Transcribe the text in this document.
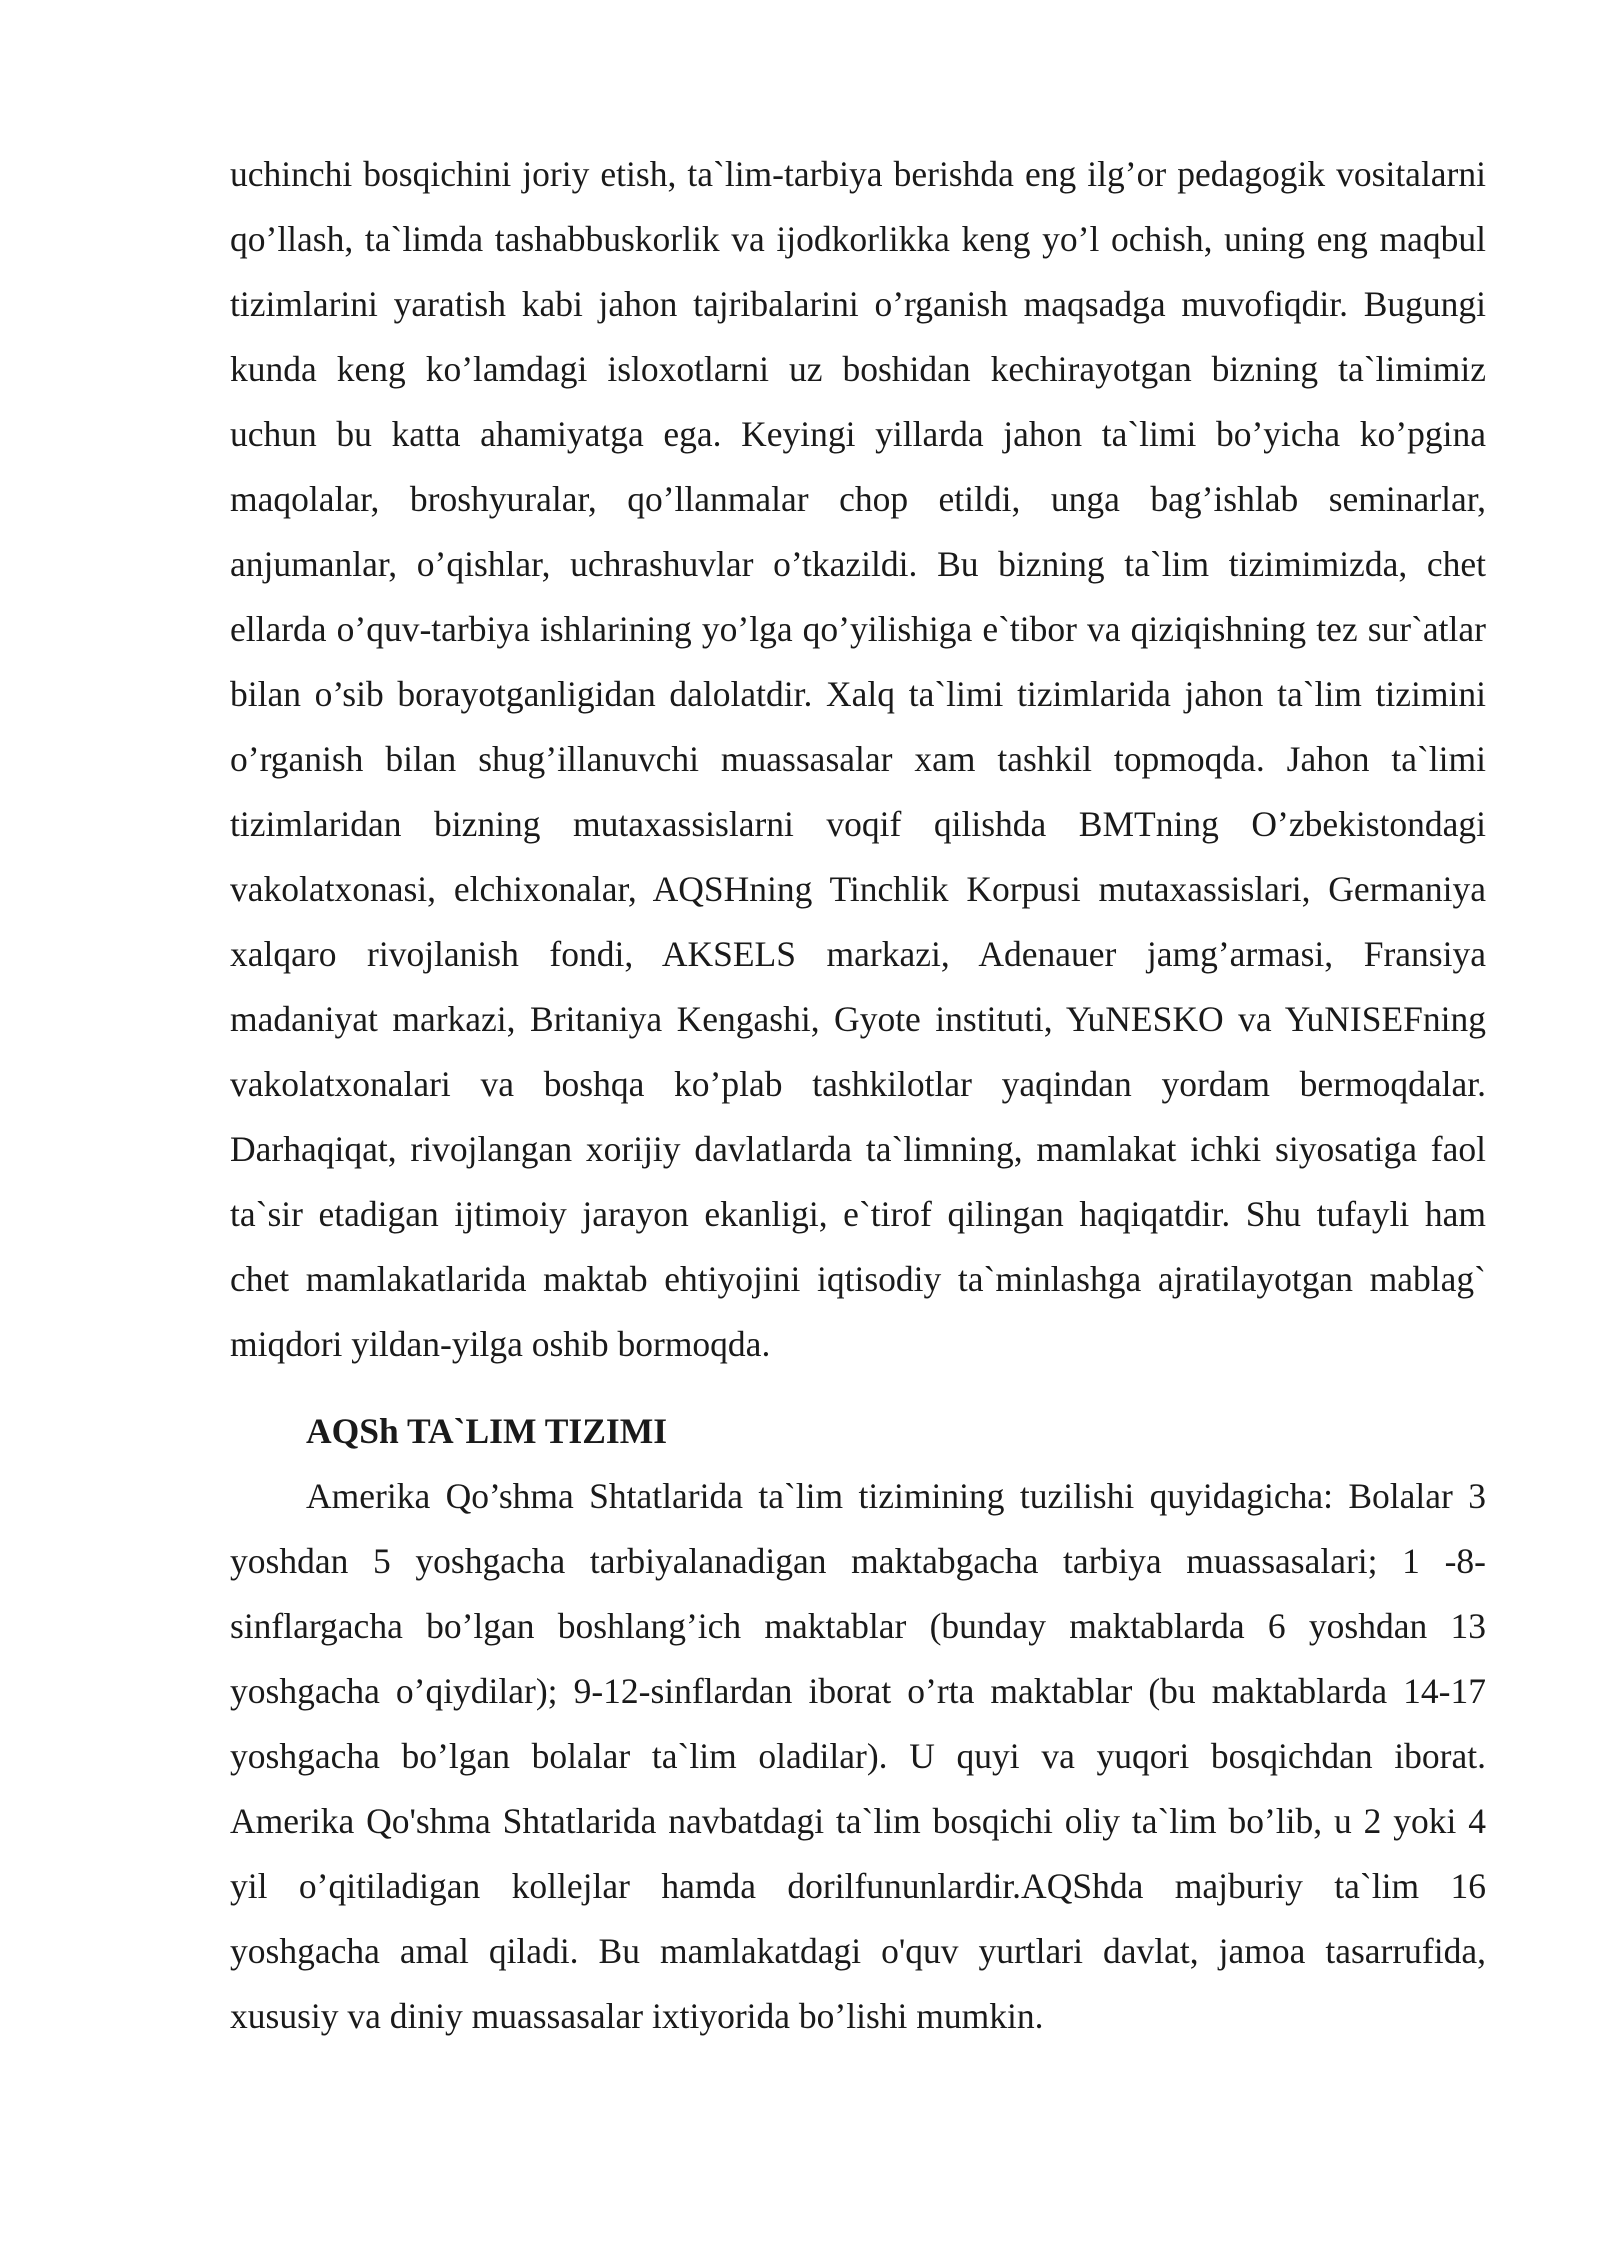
uchinchi bosqichini joriy etish, ta`lim-tarbiya berishda eng ilg’or pedagogik vositalarni qo’llash, ta`limda tashabbuskorlik va ijodkorlikka keng yo’l ochish, uning eng maqbul tizimlarini yaratish kabi jahon tajribalarini o’rganish maqsadga muvofiqdir. Bugungi kunda keng ko’lamdagi isloxotlarni uz boshidan kechirayotgan bizning ta`limimiz uchun bu katta ahamiyatga ega. Keyingi yillarda jahon ta`limi bo’yicha ko’pgina maqolalar, broshyuralar, qo’llanmalar chop etildi, unga bag’ishlab seminarlar, anjumanlar, o’qishlar, uchrashuvlar o’tkazildi. Bu bizning ta`lim tizimimizda, chet ellarda o’quv-tarbiya ishlarining yo’lga qo’yilishiga e`tibor va qiziqishning tez sur`atlar bilan o’sib borayotganligidan dalolatdir. Xalq ta`limi tizimlarida jahon ta`lim tizimini o’rganish bilan shug’illanuvchi muassasalar xam tashkil topmoqda. Jahon ta`limi tizimlaridan bizning mutaxassislarni voqif qilishda BMTning O’zbekistondagi vakolatxonasi, elchixonalar, AQSHning Tinchlik Korpusi mutaxassislari, Germaniya xalqaro rivojlanish fondi, AKSELS markazi, Adenauer jamg’armasi, Fransiya madaniyat markazi, Britaniya Kengashi, Gyote instituti, YuNESKO va YuNISEFning vakolatxonalari va boshqa ko’plab tashkilotlar yaqindan yordam bermoqdalar. Darhaqiqat, rivojlangan xorijiy davlatlarda ta`limning, mamlakat ichki siyosatiga faol ta`sir etadigan ijtimoiy jarayon ekanligi, e`tirof qilingan haqiqatdir. Shu tufayli ham chet mamlakatlarida maktab ehtiyojini iqtisodiy ta`minlashga ajratilayotgan mablag` miqdori yildan-yilga oshib bormoqda.

AQSh TA`LIM TIZIMI

Amerika Qo’shma Shtatlarida ta`lim tizimining tuzilishi quyidagicha: Bolalar 3 yoshdan 5 yoshgacha tarbiyalanadigan maktabgacha tarbiya muassasalari; 1 -8-sinflargacha bo’lgan boshlang’ich maktablar (bunday maktablarda 6 yoshdan 13 yoshgacha o’qiydilar); 9-12-sinflardan iborat o’rta maktablar (bu maktablarda 14-17 yoshgacha bo’lgan bolalar ta`lim oladilar). U quyi va yuqori bosqichdan iborat. Amerika Qo'shma Shtatlarida navbatdagi ta`lim bosqichi oliy ta`lim bo’lib, u 2 yoki 4 yil o’qitiladigan kollejlar hamda dorilfununlardir.AQShda majburiy ta`lim 16 yoshgacha amal qiladi. Bu mamlakatdagi o'quv yurtlari davlat, jamoa tasarrufida, xususiy va diniy muassasalar ixtiyorida bo’lishi mumkin.
